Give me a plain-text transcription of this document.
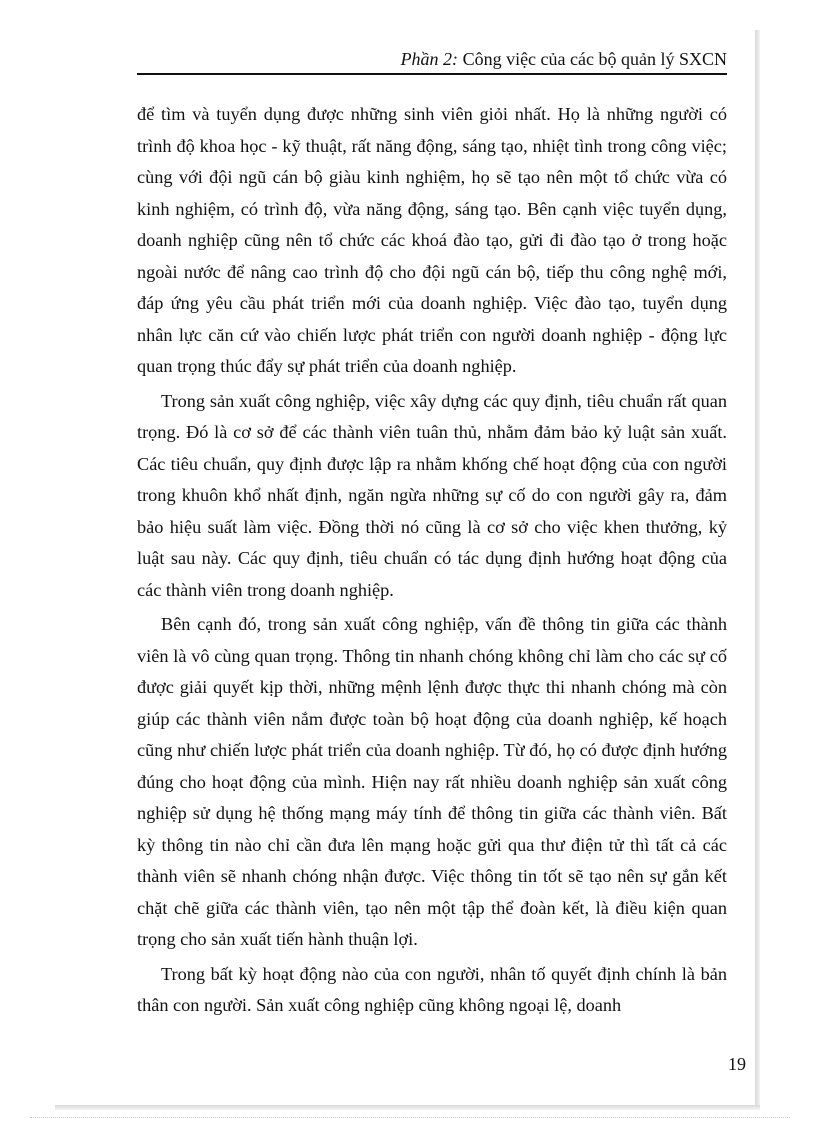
Phần 2: Công việc của các bộ quản lý SXCN

để tìm và tuyển dụng được những sinh viên giỏi nhất. Họ là những người có trình độ khoa học - kỹ thuật, rất năng động, sáng tạo, nhiệt tình trong công việc; cùng với đội ngũ cán bộ giàu kinh nghiệm, họ sẽ tạo nên một tổ chức vừa có kinh nghiệm, có trình độ, vừa năng động, sáng tạo. Bên cạnh việc tuyển dụng, doanh nghiệp cũng nên tổ chức các khoá đào tạo, gửi đi đào tạo ở trong hoặc ngoài nước để nâng cao trình độ cho đội ngũ cán bộ, tiếp thu công nghệ mới, đáp ứng yêu cầu phát triển mới của doanh nghiệp. Việc đào tạo, tuyển dụng nhân lực căn cứ vào chiến lược phát triển con người doanh nghiệp - động lực quan trọng thúc đẩy sự phát triển của doanh nghiệp.

Trong sản xuất công nghiệp, việc xây dựng các quy định, tiêu chuẩn rất quan trọng. Đó là cơ sở để các thành viên tuân thủ, nhằm đảm bảo kỷ luật sản xuất. Các tiêu chuẩn, quy định được lập ra nhằm khống chế hoạt động của con người trong khuôn khổ nhất định, ngăn ngừa những sự cố do con người gây ra, đảm bảo hiệu suất làm việc. Đồng thời nó cũng là cơ sở cho việc khen thưởng, kỷ luật sau này. Các quy định, tiêu chuẩn có tác dụng định hướng hoạt động của các thành viên trong doanh nghiệp.

Bên cạnh đó, trong sản xuất công nghiệp, vấn đề thông tin giữa các thành viên là vô cùng quan trọng. Thông tin nhanh chóng không chỉ làm cho các sự cố được giải quyết kịp thời, những mệnh lệnh được thực thi nhanh chóng mà còn giúp các thành viên nắm được toàn bộ hoạt động của doanh nghiệp, kế hoạch cũng như chiến lược phát triển của doanh nghiệp. Từ đó, họ có được định hướng đúng cho hoạt động của mình. Hiện nay rất nhiều doanh nghiệp sản xuất công nghiệp sử dụng hệ thống mạng máy tính để thông tin giữa các thành viên. Bất kỳ thông tin nào chỉ cần đưa lên mạng hoặc gửi qua thư điện tử thì tất cả các thành viên sẽ nhanh chóng nhận được. Việc thông tin tốt sẽ tạo nên sự gắn kết chặt chẽ giữa các thành viên, tạo nên một tập thể đoàn kết, là điều kiện quan trọng cho sản xuất tiến hành thuận lợi.

Trong bất kỳ hoạt động nào của con người, nhân tố quyết định chính là bản thân con người. Sản xuất công nghiệp cũng không ngoại lệ, doanh

19
